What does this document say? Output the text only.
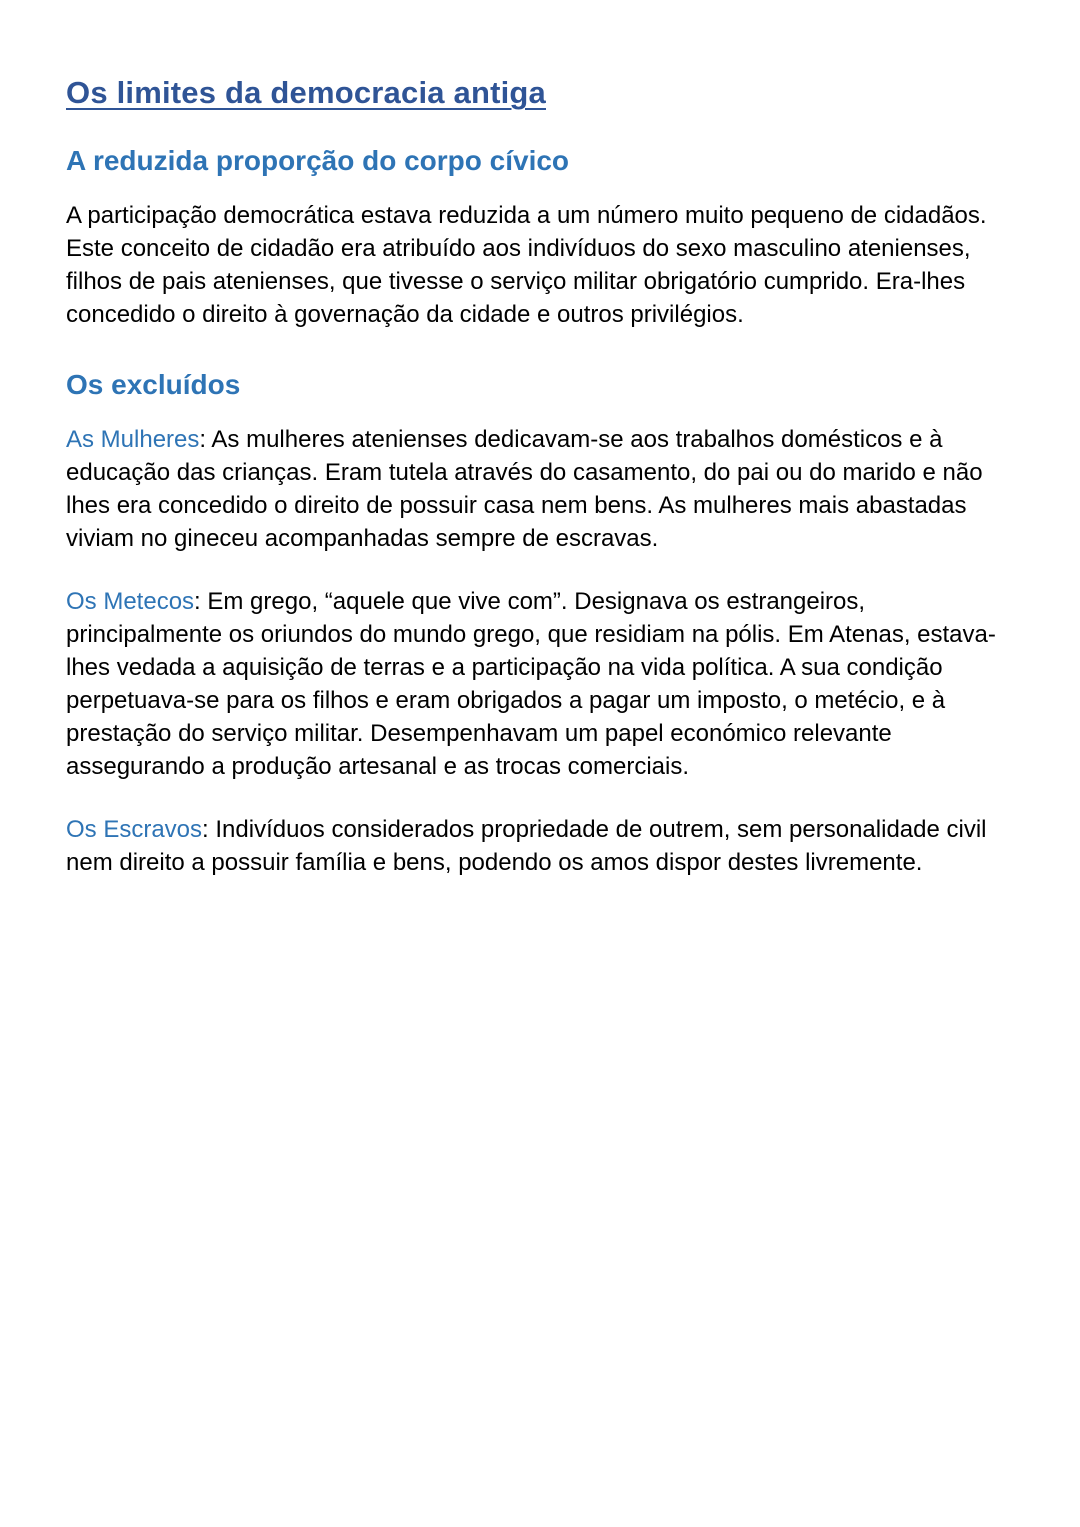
Os limites da democracia antiga
A reduzida proporção do corpo cívico

A participação democrática estava reduzida a um número muito pequeno de cidadãos. Este conceito de cidadão era atribuído aos indivíduos do sexo masculino atenienses, filhos de pais atenienses, que tivesse o serviço militar obrigatório cumprido. Era-lhes concedido o direito à governação da cidade e outros privilégios.

Os excluídos

As Mulheres: As mulheres atenienses dedicavam-se aos trabalhos domésticos e à educação das crianças. Eram tutela através do casamento, do pai ou do marido e não lhes era concedido o direito de possuir casa nem bens. As mulheres mais abastadas viviam no gineceu acompanhadas sempre de escravas.

Os Metecos: Em grego, “aquele que vive com”. Designava os estrangeiros, principalmente os oriundos do mundo grego, que residiam na pólis. Em Atenas, estava-lhes vedada a aquisição de terras e a participação na vida política. A sua condição perpetuava-se para os filhos e eram obrigados a pagar um imposto, o metécio, e à prestação do serviço militar. Desempenhavam um papel económico relevante assegurando a produção artesanal e as trocas comerciais.

Os Escravos: Indivíduos considerados propriedade de outrem, sem personalidade civil nem direito a possuir família e bens, podendo os amos dispor destes livremente.
